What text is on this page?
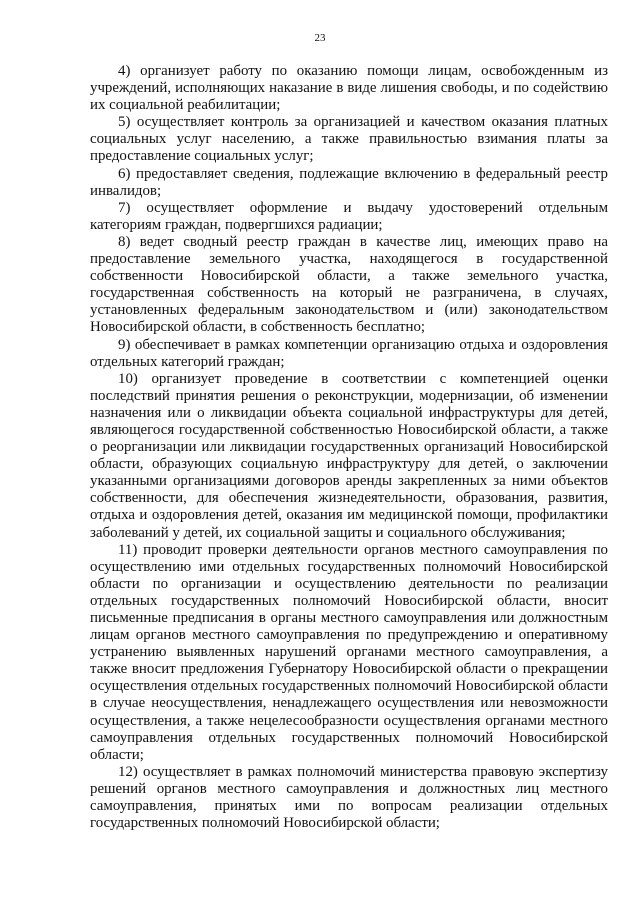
23

4) организует работу по оказанию помощи лицам, освобожденным из учреждений, исполняющих наказание в виде лишения свободы, и по содействию их социальной реабилитации;

5) осуществляет контроль за организацией и качеством оказания платных социальных услуг населению, а также правильностью взимания платы за предоставление социальных услуг;

6) предоставляет сведения, подлежащие включению в федеральный реестр инвалидов;

7) осуществляет оформление и выдачу удостоверений отдельным категориям граждан, подвергшихся радиации;

8) ведет сводный реестр граждан в качестве лиц, имеющих право на предоставление земельного участка, находящегося в государственной собственности Новосибирской области, а также земельного участка, государственная собственность на который не разграничена, в случаях, установленных федеральным законодательством и (или) законодательством Новосибирской области, в собственность бесплатно;

9) обеспечивает в рамках компетенции организацию отдыха и оздоровления отдельных категорий граждан;

10) организует проведение в соответствии с компетенцией оценки последствий принятия решения о реконструкции, модернизации, об изменении назначения или о ликвидации объекта социальной инфраструктуры для детей, являющегося государственной собственностью Новосибирской области, а также о реорганизации или ликвидации государственных организаций Новосибирской области, образующих социальную инфраструктуру для детей, о заключении указанными организациями договоров аренды закрепленных за ними объектов собственности, для обеспечения жизнедеятельности, образования, развития, отдыха и оздоровления детей, оказания им медицинской помощи, профилактики заболеваний у детей, их социальной защиты и социального обслуживания;

11) проводит проверки деятельности органов местного самоуправления по осуществлению ими отдельных государственных полномочий Новосибирской области по организации и осуществлению деятельности по реализации отдельных государственных полномочий Новосибирской области, вносит письменные предписания в органы местного самоуправления или должностным лицам органов местного самоуправления по предупреждению и оперативному устранению выявленных нарушений органами местного самоуправления, а также вносит предложения Губернатору Новосибирской области о прекращении осуществления отдельных государственных полномочий Новосибирской области в случае неосуществления, ненадлежащего осуществления или невозможности осуществления, а также нецелесообразности осуществления органами местного самоуправления отдельных государственных полномочий Новосибирской области;

12) осуществляет в рамках полномочий министерства правовую экспертизу решений органов местного самоуправления и должностных лиц местного самоуправления, принятых ими по вопросам реализации отдельных государственных полномочий Новосибирской области;
